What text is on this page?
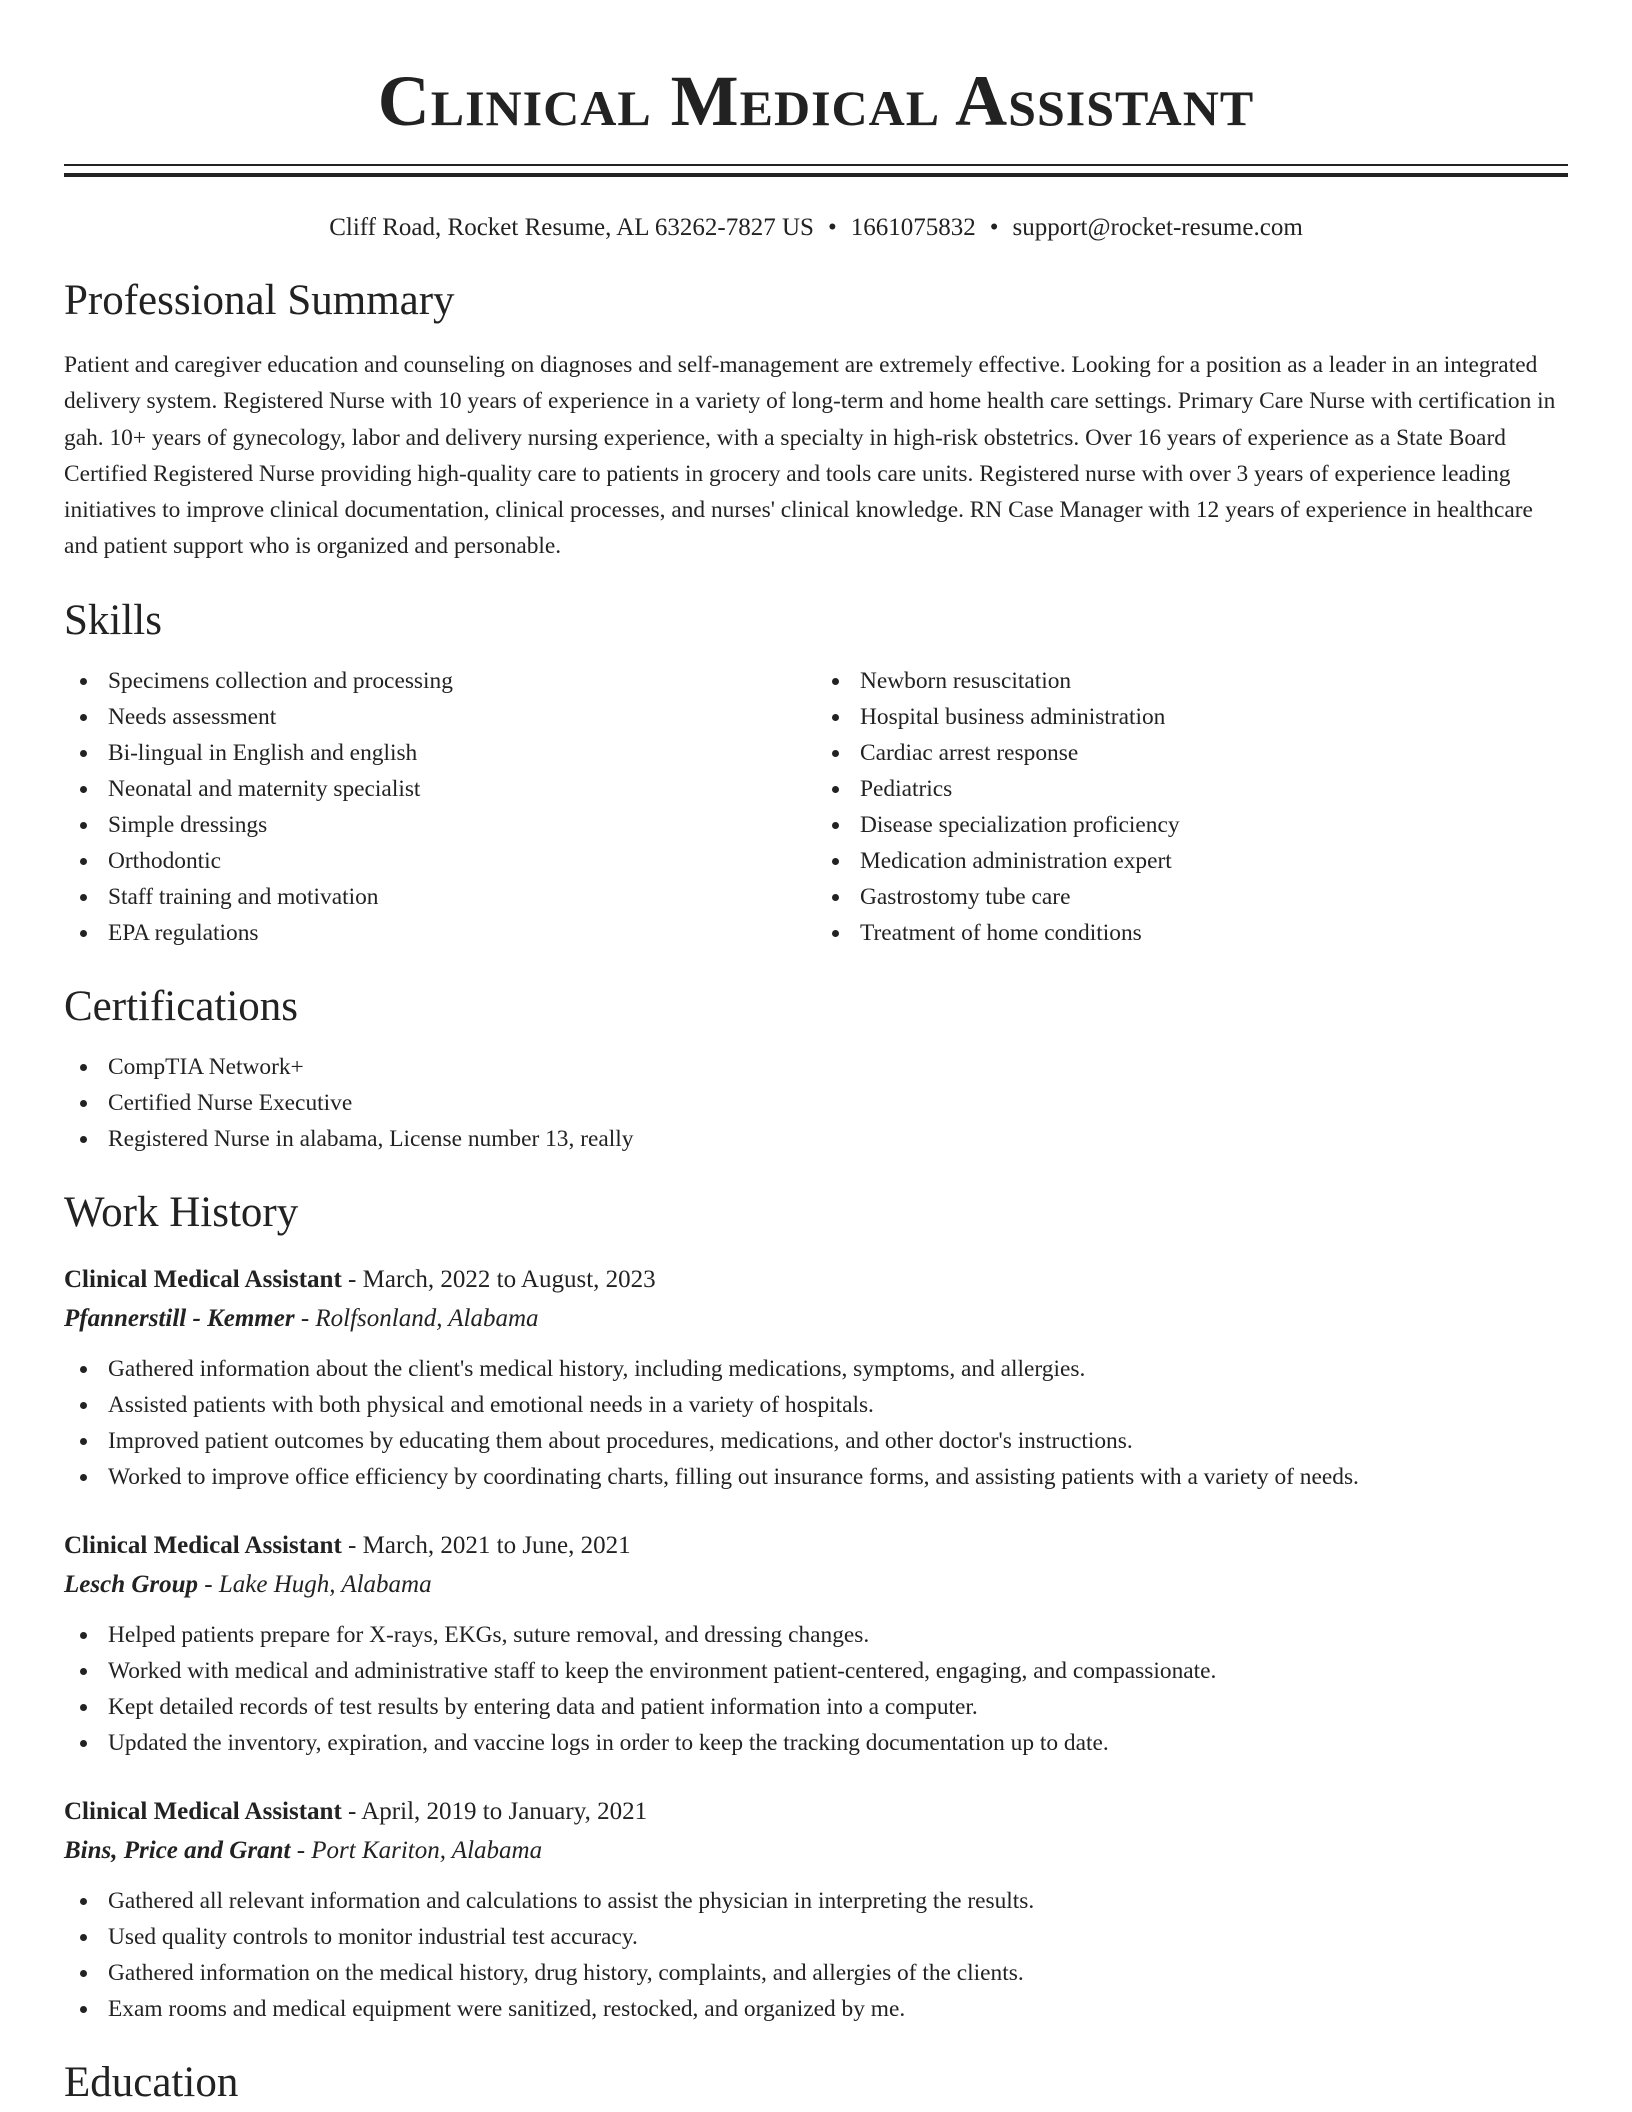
Clinical Medical Assistant
Cliff Road, Rocket Resume, AL 63262-7827 US • 1661075832 • support@rocket-resume.com
Professional Summary

Patient and caregiver education and counseling on diagnoses and self-management are extremely effective. Looking for a position as a leader in an integrated delivery system. Registered Nurse with 10 years of experience in a variety of long-term and home health care settings. Primary Care Nurse with certification in gah. 10+ years of gynecology, labor and delivery nursing experience, with a specialty in high-risk obstetrics. Over 16 years of experience as a State Board Certified Registered Nurse providing high-quality care to patients in grocery and tools care units. Registered nurse with over 3 years of experience leading initiatives to improve clinical documentation, clinical processes, and nurses' clinical knowledge. RN Case Manager with 12 years of experience in healthcare and patient support who is organized and personable.

Skills
Specimens collection and processing
Needs assessment
Bi-lingual in English and english
Neonatal and maternity specialist
Simple dressings
Orthodontic
Staff training and motivation
EPA regulations
Newborn resuscitation
Hospital business administration
Cardiac arrest response
Pediatrics
Disease specialization proficiency
Medication administration expert
Gastrostomy tube care
Treatment of home conditions
Certifications
CompTIA Network+
Certified Nurse Executive
Registered Nurse in alabama, License number 13, really
Work History
Clinical Medical Assistant - March, 2022 to August, 2023
Pfannerstill - Kemmer - Rolfsonland, Alabama
Gathered information about the client's medical history, including medications, symptoms, and allergies.
Assisted patients with both physical and emotional needs in a variety of hospitals.
Improved patient outcomes by educating them about procedures, medications, and other doctor's instructions.
Worked to improve office efficiency by coordinating charts, filling out insurance forms, and assisting patients with a variety of needs.
Clinical Medical Assistant - March, 2021 to June, 2021
Lesch Group - Lake Hugh, Alabama
Helped patients prepare for X-rays, EKGs, suture removal, and dressing changes.
Worked with medical and administrative staff to keep the environment patient-centered, engaging, and compassionate.
Kept detailed records of test results by entering data and patient information into a computer.
Updated the inventory, expiration, and vaccine logs in order to keep the tracking documentation up to date.
Clinical Medical Assistant - April, 2019 to January, 2021
Bins, Price and Grant - Port Kariton, Alabama
Gathered all relevant information and calculations to assist the physician in interpreting the results.
Used quality controls to monitor industrial test accuracy.
Gathered information on the medical history, drug history, complaints, and allergies of the clients.
Exam rooms and medical equipment were sanitized, restocked, and organized by me.
Education
